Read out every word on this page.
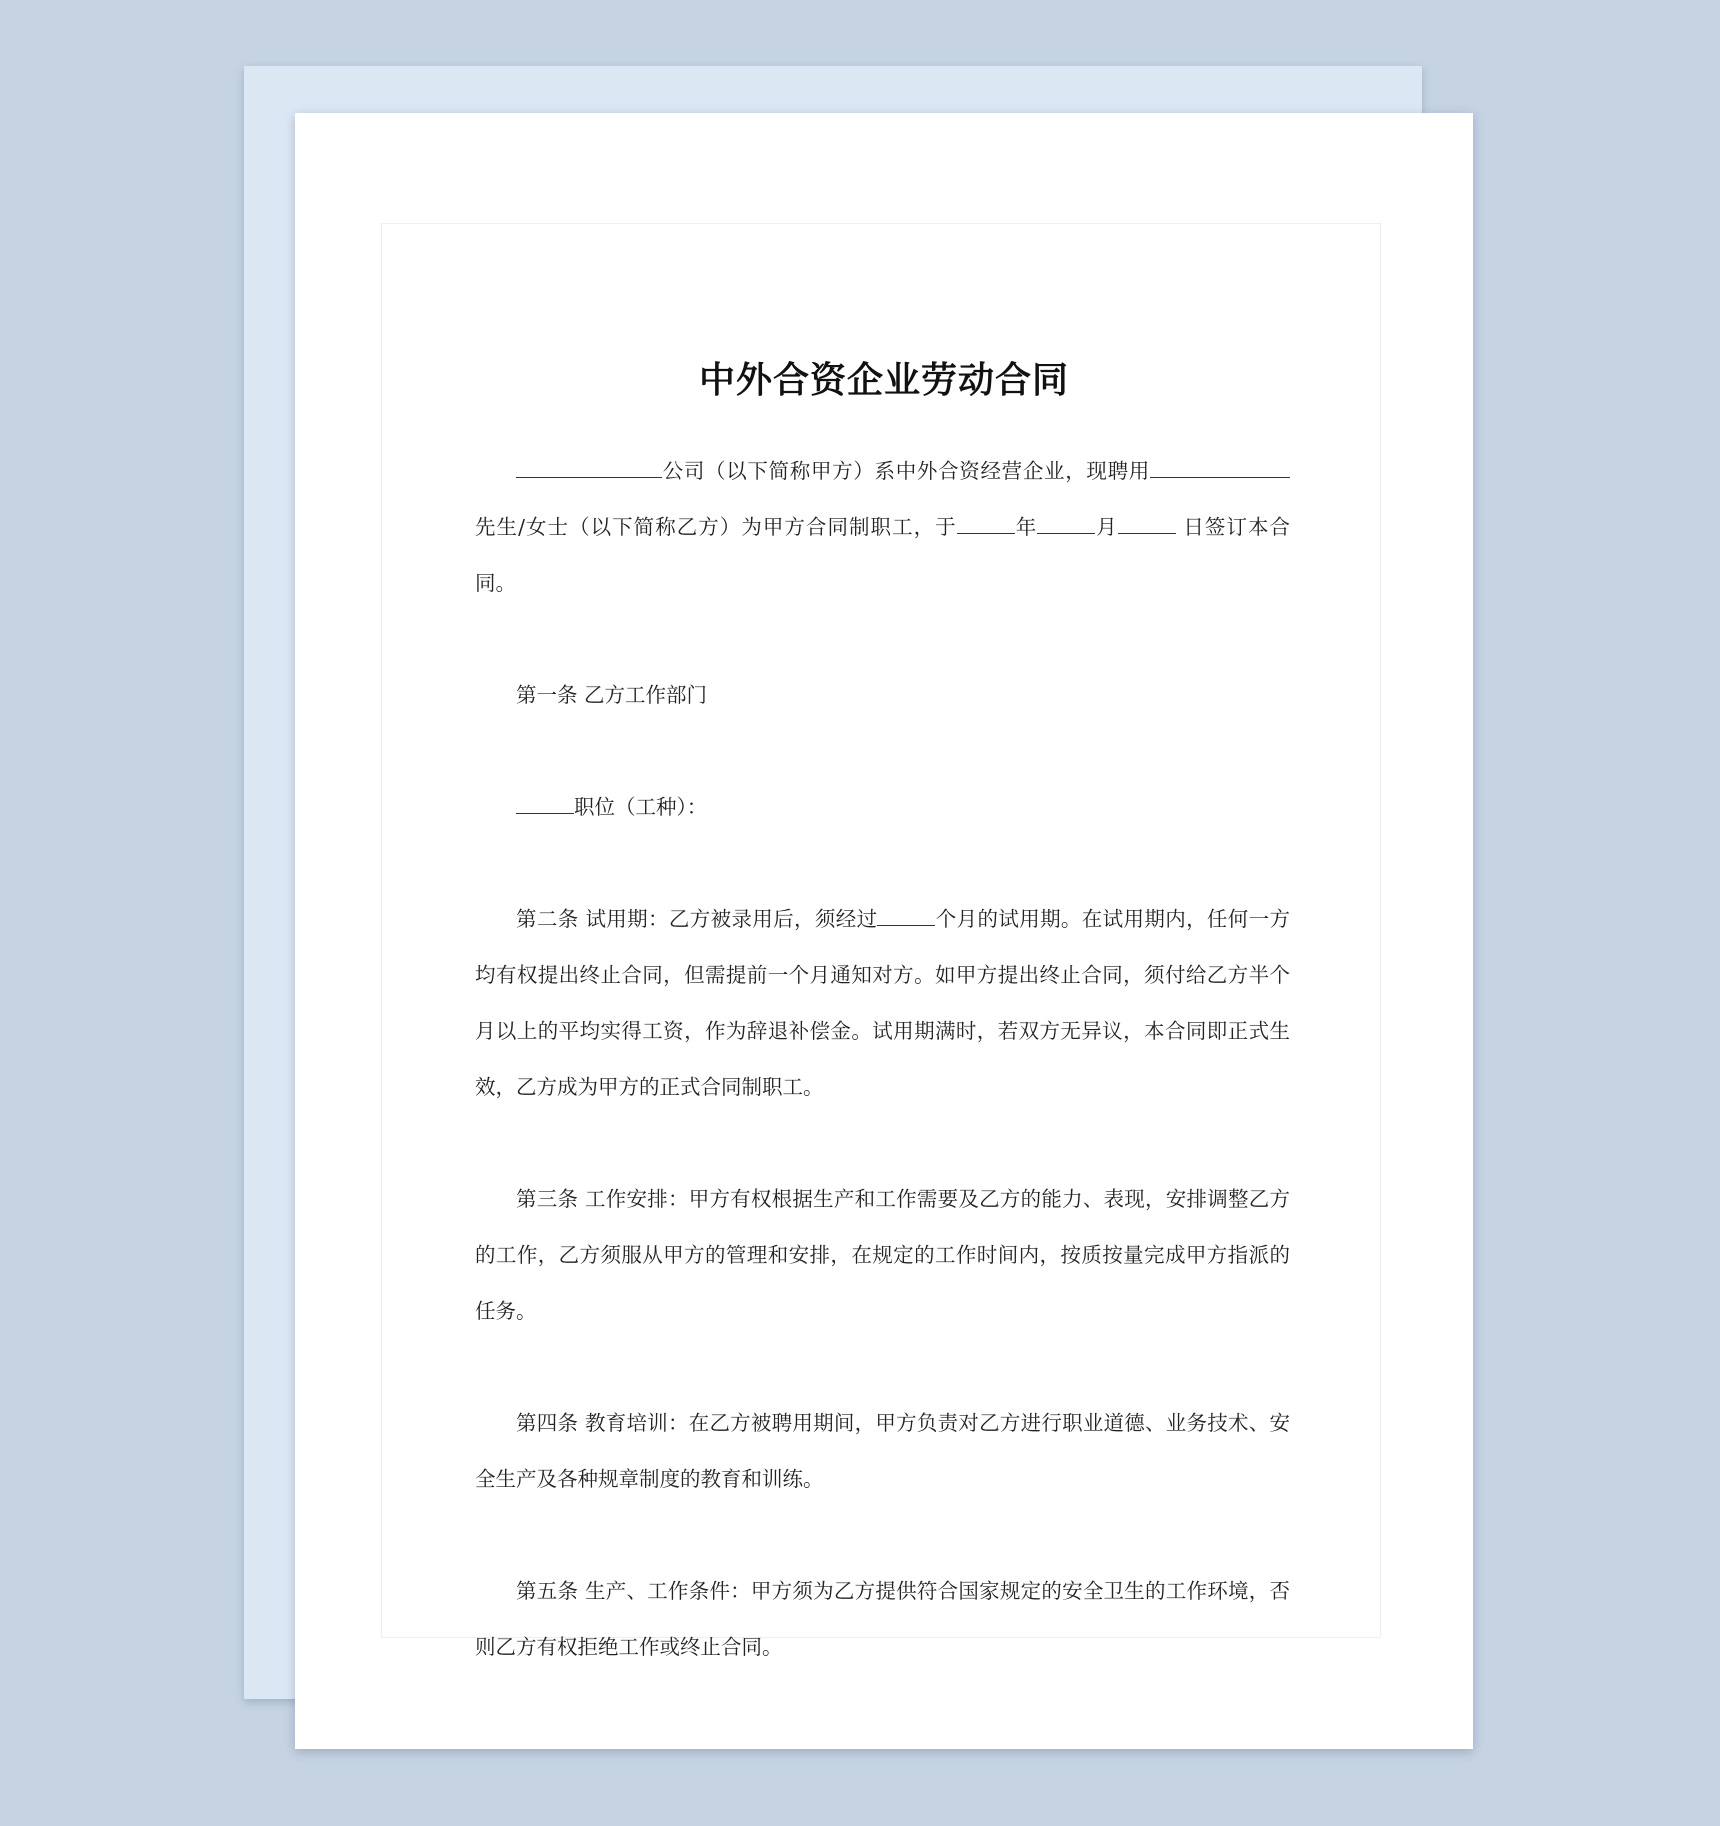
中外合资企业劳动合同

公司（以下简称甲方）系中外合资经营企业，现聘用先生/女士（以下简称乙方）为甲方合同制职工，于	年	月	日签订本合同。

第一条 乙方工作部门

职位（工种）：

第二条 试用期：乙方被录用后，须经过	个月的试用期。在试用期内，任何一方均有权提出终止合同，但需提前一个月通知对方。如甲方提出终止合同，须付给乙方半个月以上的平均实得工资，作为辞退补偿金。试用期满时，若双方无异议，本合同即正式生效，乙方成为甲方的正式合同制职工。

第三条 工作安排：甲方有权根据生产和工作需要及乙方的能力、表现，安排调整乙方的工作，乙方须服从甲方的管理和安排，在规定的工作时间内，按质按量完成甲方指派的任务。

第四条 教育培训：在乙方被聘用期间，甲方负责对乙方进行职业道德、业务技术、安全生产及各种规章制度的教育和训练。

第五条 生产、工作条件：甲方须为乙方提供符合国家规定的安全卫生的工作环境，否则乙方有权拒绝工作或终止合同。
